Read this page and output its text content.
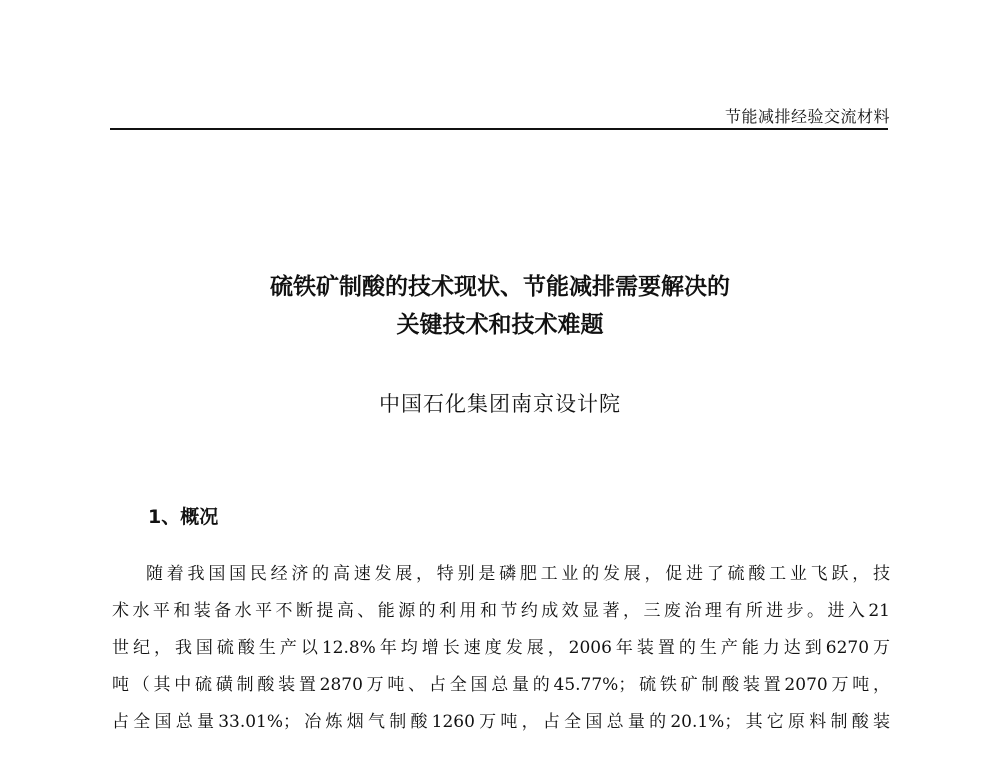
节能减排经验交流材料
硫铁矿制酸的技术现状、节能减排需要解决的
关键技术和技术难题
中国石化集团南京设计院
1、概况
随着我国国民经济的高速发展，特别是磷肥工业的发展，促进了硫酸工业飞跃，技
术水平和装备水平不断提高、能源的利用和节约成效显著，三废治理有所进步。进入21
世纪，我国硫酸生产以12.8%年均增长速度发展，2006年装置的生产能力达到6270万
吨（其中硫磺制酸装置2870万吨、占全国总量的45.77%；硫铁矿制酸装置2070万吨，
占全国总量33.01%；冶炼烟气制酸1260万吨，占全国总量的20.1%；其它原料制酸装
